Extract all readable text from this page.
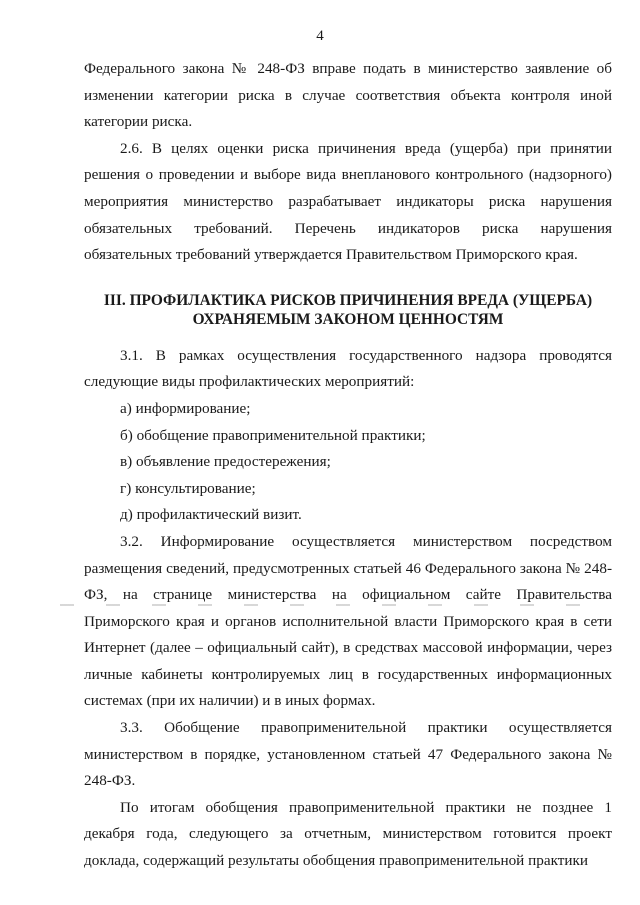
4

Федерального закона № 248-ФЗ вправе подать в министерство заявление об изменении категории риска в случае соответствия объекта контроля иной категории риска.

2.6. В целях оценки риска причинения вреда (ущерба) при принятии решения о проведении и выборе вида внепланового контрольного (надзорного) мероприятия министерство разрабатывает индикаторы риска нарушения обязательных требований. Перечень индикаторов риска нарушения обязательных требований утверждается Правительством Приморского края.

III. ПРОФИЛАКТИКА РИСКОВ ПРИЧИНЕНИЯ ВРЕДА (УЩЕРБА)
ОХРАНЯЕМЫМ ЗАКОНОМ ЦЕННОСТЯМ

3.1. В рамках осуществления государственного надзора проводятся следующие виды профилактических мероприятий:

а) информирование;

б) обобщение правоприменительной практики;

в) объявление предостережения;

г) консультирование;

д) профилактический визит.

3.2. Информирование осуществляется министерством посредством размещения сведений, предусмотренных статьей 46 Федерального закона № 248-ФЗ, на странице министерства на официальном сайте Правительства Приморского края и органов исполнительной власти Приморского края в сети Интернет (далее – официальный сайт), в средствах массовой информации, через личные кабинеты контролируемых лиц в государственных информационных системах (при их наличии) и в иных формах.

3.3. Обобщение правоприменительной практики осуществляется министерством в порядке, установленном статьей 47 Федерального закона № 248-ФЗ.

По итогам обобщения правоприменительной практики не позднее 1 декабря года, следующего за отчетным, министерством готовится проект доклада, содержащий результаты обобщения правоприменительной практики
